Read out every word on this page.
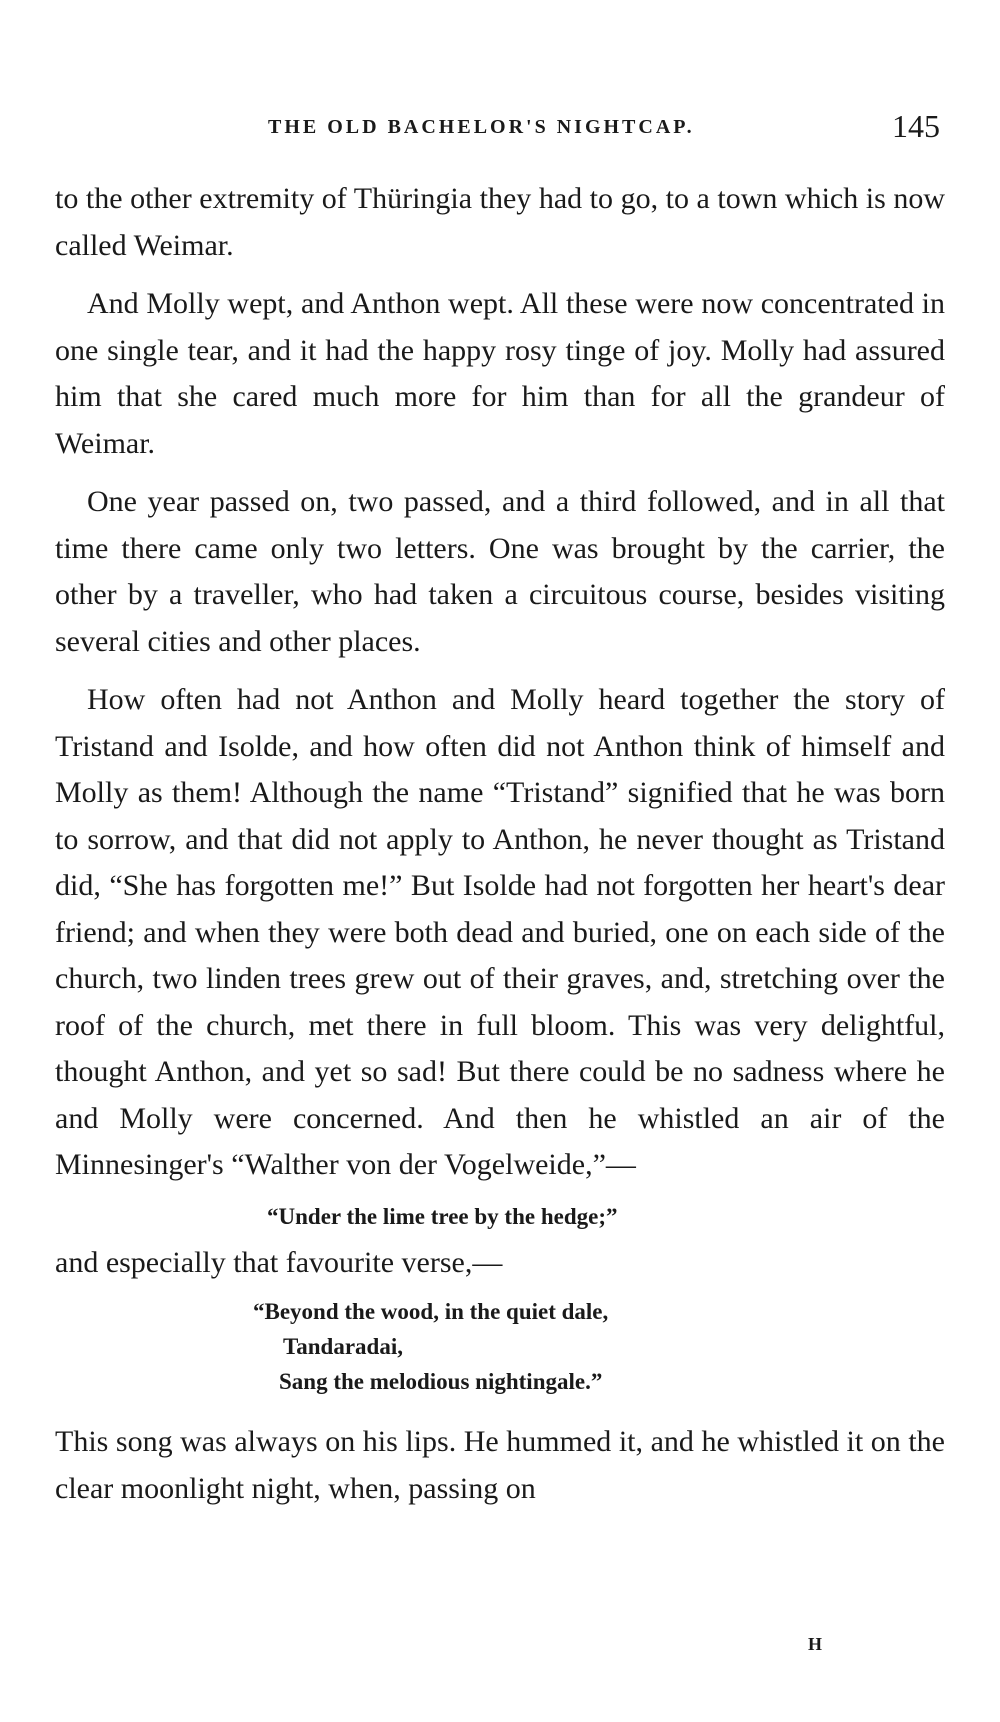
THE OLD BACHELOR'S NIGHTCAP.	145

to the other extremity of Thüringia they had to go, to a town which is now called Weimar.

And Molly wept, and Anthon wept. All these were now concentrated in one single tear, and it had the happy rosy tinge of joy. Molly had assured him that she cared much more for him than for all the grandeur of Weimar.

One year passed on, two passed, and a third followed, and in all that time there came only two letters. One was brought by the carrier, the other by a traveller, who had taken a circuitous course, besides visiting several cities and other places.

How often had not Anthon and Molly heard together the story of Tristand and Isolde, and how often did not Anthon think of himself and Molly as them! Although the name “Tristand” signified that he was born to sorrow, and that did not apply to Anthon, he never thought as Tristand did, “She has forgotten me!” But Isolde had not forgotten her heart's dear friend; and when they were both dead and buried, one on each side of the church, two linden trees grew out of their graves, and, stretching over the roof of the church, met there in full bloom. This was very delightful, thought Anthon, and yet so sad! But there could be no sadness where he and Molly were concerned. And then he whistled an air of the Minnesinger's “Walther von der Vogelweide,”—

“Under the lime tree by the hedge;”

and especially that favourite verse,—

“Beyond the wood, in the quiet dale,
Tandaradai,
Sang the melodious nightingale.”

This song was always on his lips. He hummed it, and he whistled it on the clear moonlight night, when, passing on

H
